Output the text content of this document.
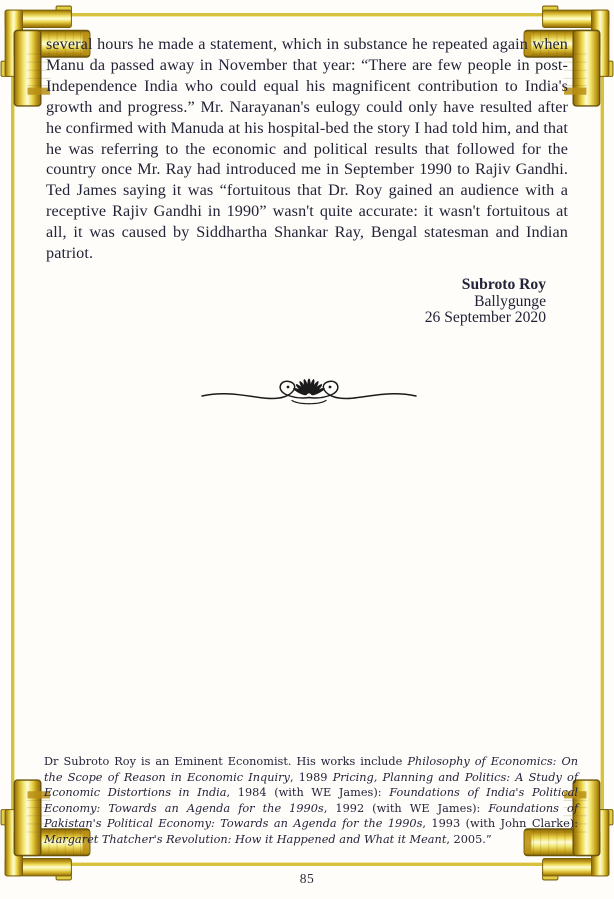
several hours he made a statement, which in substance he repeated again when Manu da passed away in November that year: “There are few people in post-Independence India who could equal his magnificent contribution to India's growth and progress.” Mr. Narayanan's eulogy could only have resulted after he confirmed with Manuda at his hospital-bed the story I had told him, and that he was referring to the economic and political results that followed for the country once Mr. Ray had introduced me in September 1990 to Rajiv Gandhi. Ted James saying it was “fortuitous that Dr. Roy gained an audience with a receptive Rajiv Gandhi in 1990” wasn't quite accurate: it wasn't fortuitous at all, it was caused by Siddhartha Shankar Ray, Bengal statesman and Indian patriot.

Subroto Roy
Ballygunge
26 September 2020

Dr Subroto Roy is an Eminent Economist. His works include Philosophy of Economics: On the Scope of Reason in Economic Inquiry, 1989 Pricing, Planning and Politics: A Study of Economic Distortions in India, 1984 (with WE James): Foundations of India's Political Economy: Towards an Agenda for the 1990s, 1992 (with WE James): Foundations of Pakistan's Political Economy: Towards an Agenda for the 1990s, 1993 (with John Clarke): Margaret Thatcher's Revolution: How it Happened and What it Meant, 2005.”

85
